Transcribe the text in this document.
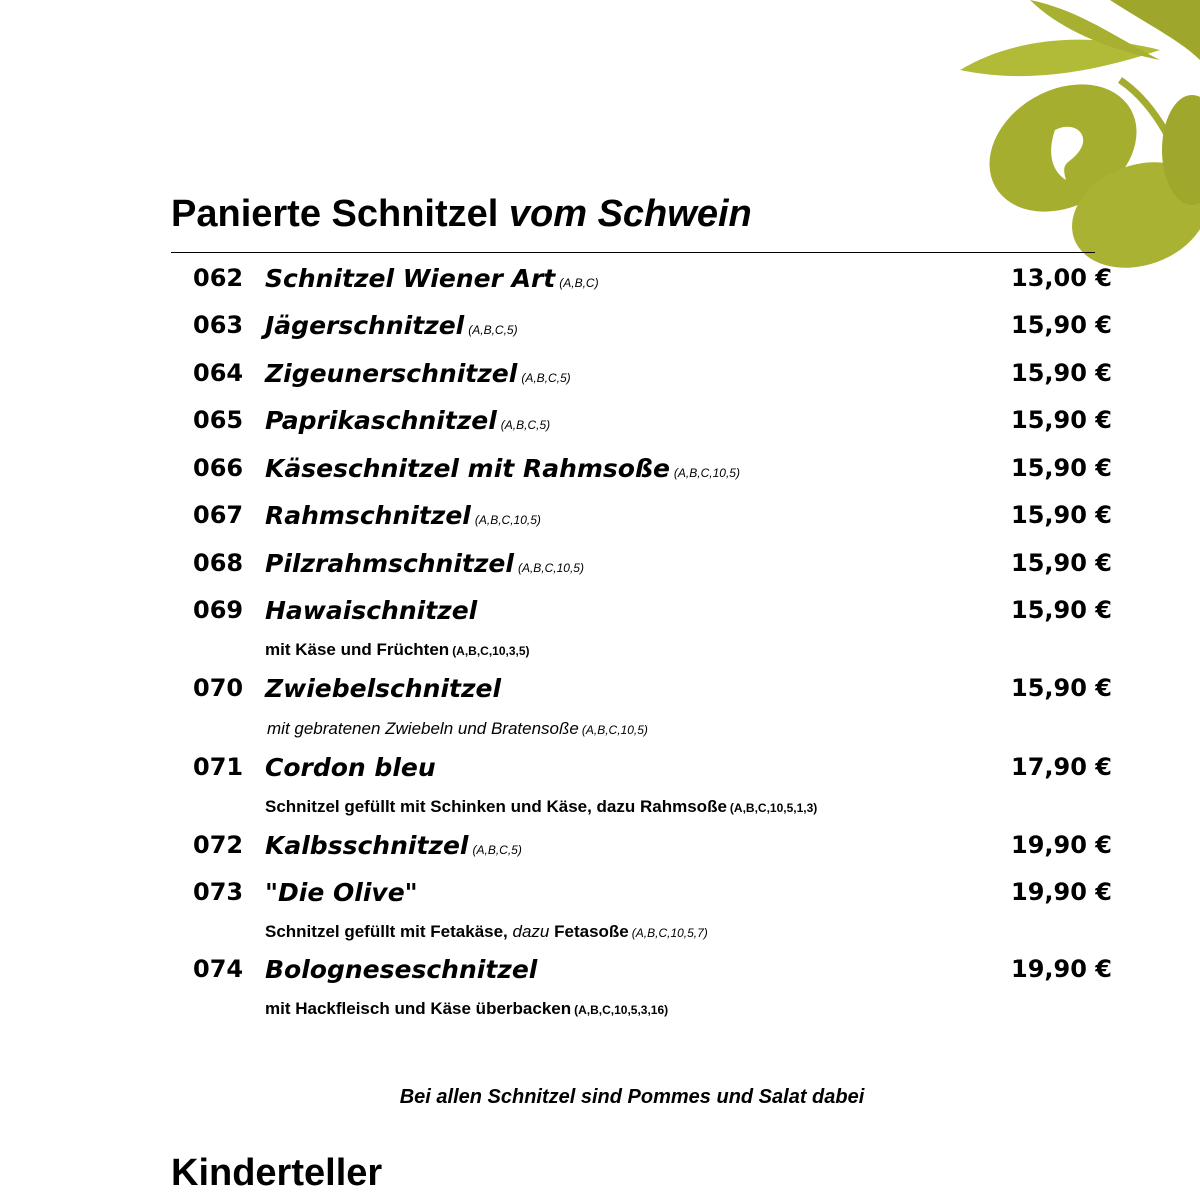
Panierte Schnitzel vom Schwein
062 Schnitzel Wiener Art (A,B,C)	13,00 €
063 Jägerschnitzel (A,B,C,5)	15,90 €
064 Zigeunerschnitzel (A,B,C,5)	15,90 €
065 Paprikaschnitzel (A,B,C,5)	15,90 €
066 Käseschnitzel mit Rahmsoße (A,B,C,10,5)	15,90 €
067 Rahmschnitzel (A,B,C,10,5)	15,90 €
068 Pilzrahmschnitzel (A,B,C,10,5)	15,90 €
069 Hawaischnitzel	15,90 €
mit Käse und Früchten (A,B,C,10,3,5)
070 Zwiebelschnitzel	15,90 €
mit gebratenen Zwiebeln und Bratensoße (A,B,C,10,5)
071 Cordon bleu	17,90 €
Schnitzel gefüllt mit Schinken und Käse, dazu Rahmsoße (A,B,C,10,5,1,3)
072 Kalbsschnitzel (A,B,C,5)	19,90 €
073 "Die Olive"	19,90 €
Schnitzel gefüllt mit Fetakäse, dazu Fetasoße (A,B,C,10,5,7)
074 Bologneseschnitzel	19,90 €
mit Hackfleisch und Käse überbacken (A,B,C,10,5,3,16)
Bei allen Schnitzel sind Pommes und Salat dabei
Kinderteller
